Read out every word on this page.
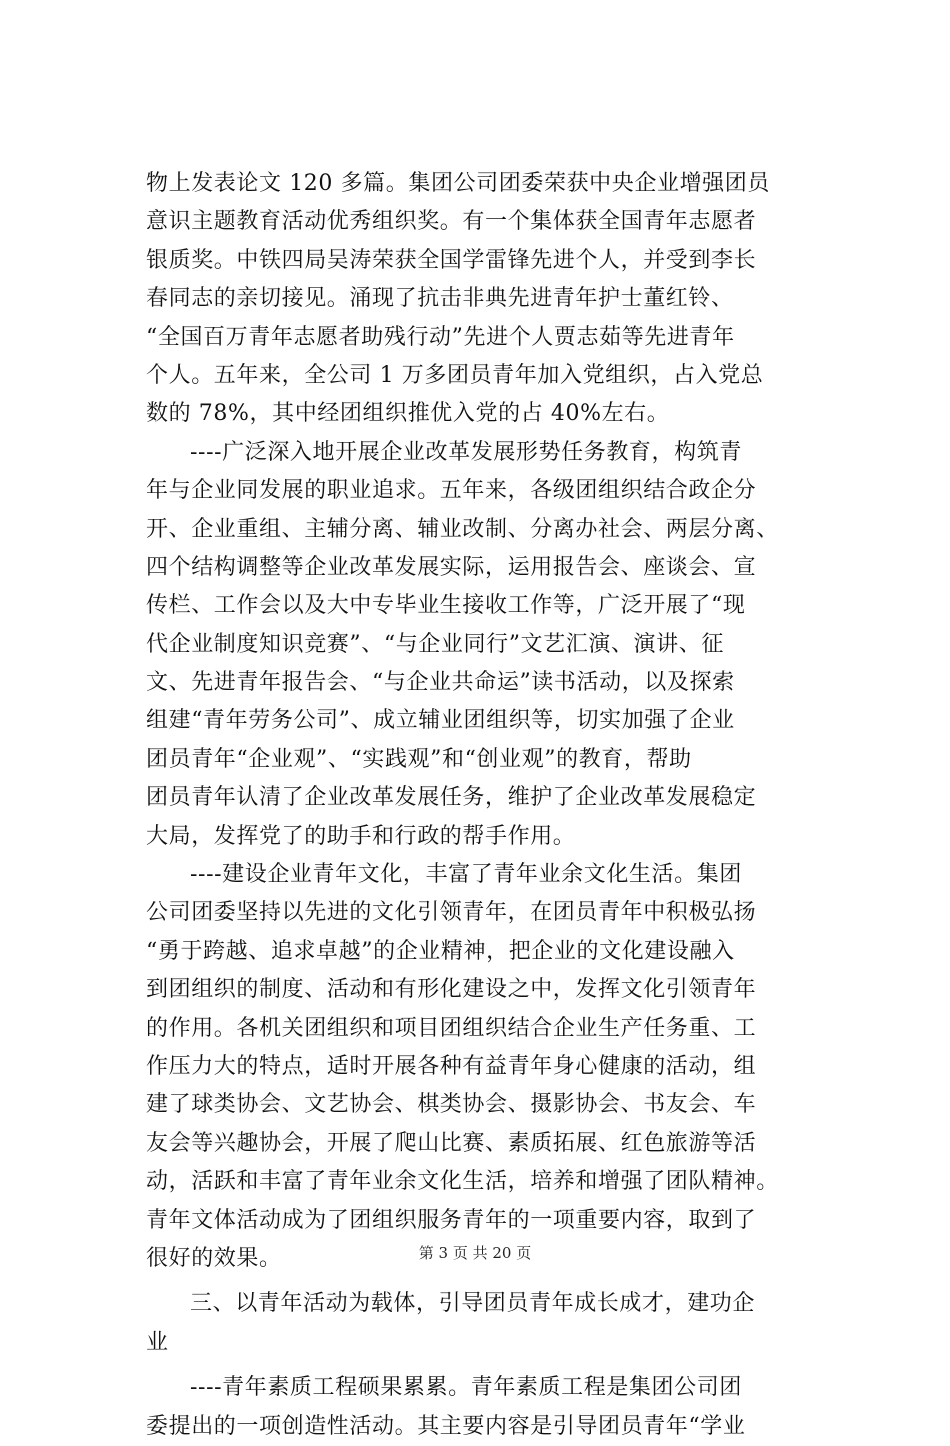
物上发表论文 120 多篇。集团公司团委荣获中央企业增强团员
意识主题教育活动优秀组织奖。有一个集体获全国青年志愿者
银质奖。中铁四局吴涛荣获全国学雷锋先进个人，并受到李长
春同志的亲切接见。涌现了抗击非典先进青年护士董红铃、
“全国百万青年志愿者助残行动”先进个人贾志茹等先进青年
个人。五年来，全公司 1 万多团员青年加入党组织，占入党总
数的 78%，其中经团组织推优入党的占 40%左右。
----广泛深入地开展企业改革发展形势任务教育，构筑青
年与企业同发展的职业追求。五年来，各级团组织结合政企分
开、企业重组、主辅分离、辅业改制、分离办社会、两层分离、
四个结构调整等企业改革发展实际，运用报告会、座谈会、宣
传栏、工作会以及大中专毕业生接收工作等，广泛开展了“现
代企业制度知识竞赛”、“与企业同行”文艺汇演、演讲、征
文、先进青年报告会、“与企业共命运”读书活动，以及探索
组建“青年劳务公司”、成立辅业团组织等，切实加强了企业
团员青年“企业观”、“实践观”和“创业观”的教育，帮助
团员青年认清了企业改革发展任务，维护了企业改革发展稳定
大局，发挥党了的助手和行政的帮手作用。
----建设企业青年文化，丰富了青年业余文化生活。集团
公司团委坚持以先进的文化引领青年，在团员青年中积极弘扬
“勇于跨越、追求卓越”的企业精神，把企业的文化建设融入
到团组织的制度、活动和有形化建设之中，发挥文化引领青年
的作用。各机关团组织和项目团组织结合企业生产任务重、工
作压力大的特点，适时开展各种有益青年身心健康的活动，组
建了球类协会、文艺协会、棋类协会、摄影协会、书友会、车
友会等兴趣协会，开展了爬山比赛、素质拓展、红色旅游等活
动，活跃和丰富了青年业余文化生活，培养和增强了团队精神。
青年文体活动成为了团组织服务青年的一项重要内容，取到了
很好的效果。
三、以青年活动为载体，引导团员青年成长成才，建功企
业
----青年素质工程硕果累累。青年素质工程是集团公司团
委提出的一项创造性活动。其主要内容是引导团员青年“学业
第 3 页 共 20 页
